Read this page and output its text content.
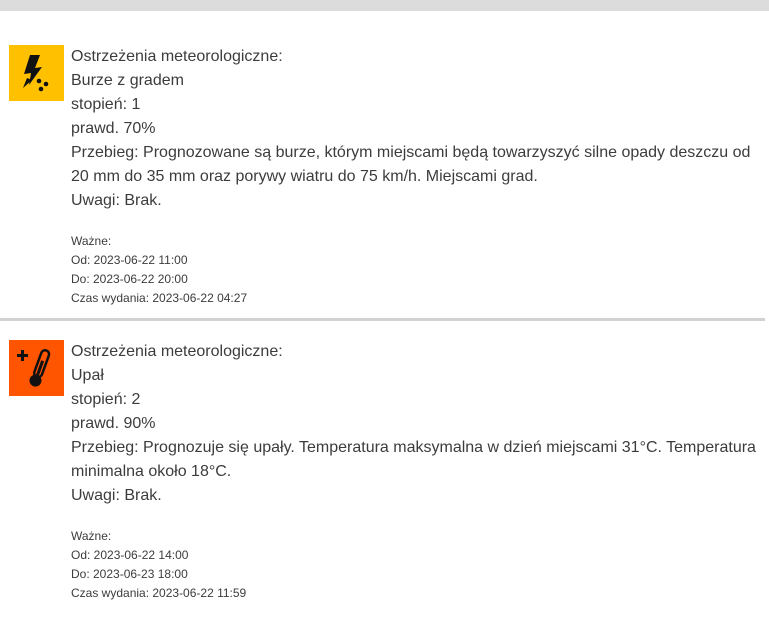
Ostrzeżenia meteorologiczne:
Burze z gradem
stopień: 1
prawd. 70%
Przebieg: Prognozowane są burze, którym miejscami będą towarzyszyć silne opady deszczu od 20 mm do 35 mm oraz porywy wiatru do 75 km/h. Miejscami grad.
Uwagi: Brak.
Ważne:
Od: 2023-06-22 11:00
Do: 2023-06-22 20:00
Czas wydania: 2023-06-22 04:27
Ostrzeżenia meteorologiczne:
Upał
stopień: 2
prawd. 90%
Przebieg: Prognozuje się upały. Temperatura maksymalna w dzień miejscami 31°C. Temperatura minimalna około 18°C.
Uwagi: Brak.
Ważne:
Od: 2023-06-22 14:00
Do: 2023-06-23 18:00
Czas wydania: 2023-06-22 11:59
